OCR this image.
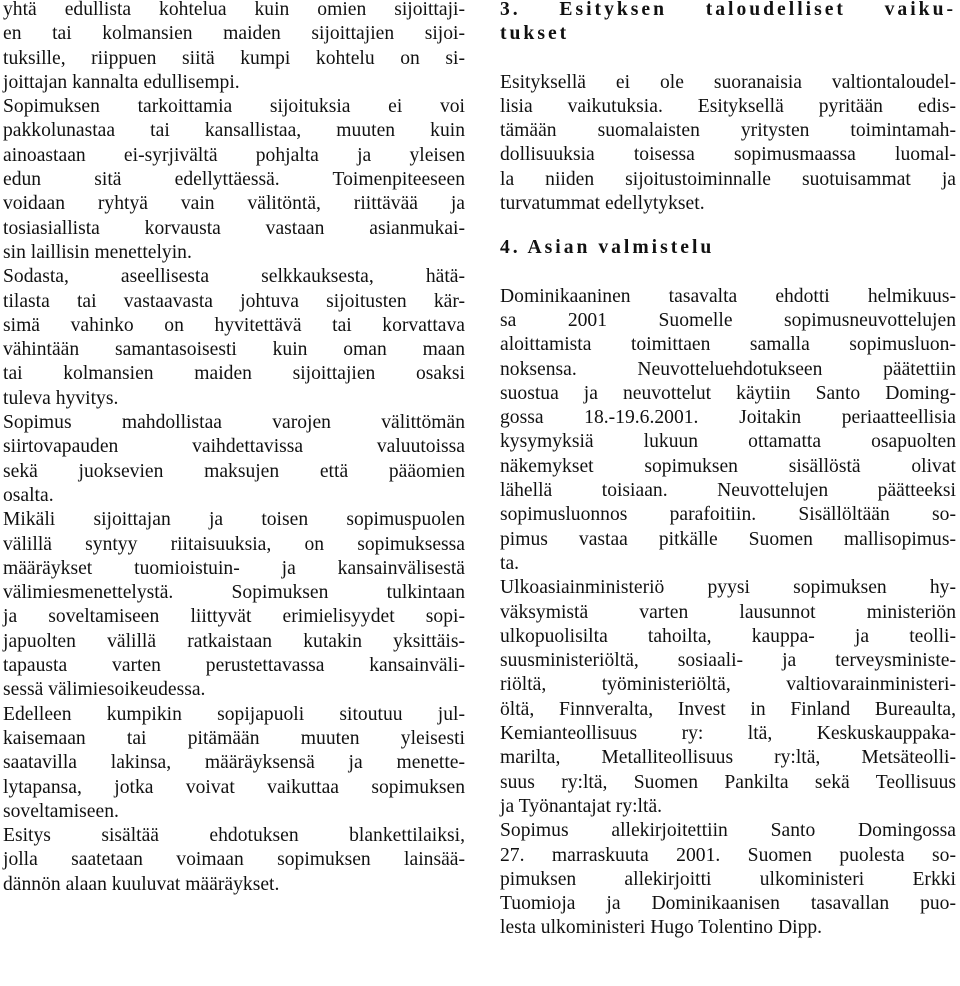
yhtä edullista kohtelua kuin omien sijoittaji-
en tai kolmansien maiden sijoittajien sijoi-
tuksille, riippuen siitä kumpi kohtelu on si-
joittajan kannalta edullisempi.
Sopimuksen tarkoittamia sijoituksia ei voi
pakkolunastaa tai kansallistaa, muuten kuin
ainoastaan ei-syrjivältä pohjalta ja yleisen
edun sitä edellyttäessä. Toimenpiteeseen
voidaan ryhtyä vain välitöntä, riittävää ja
tosiasiallista korvausta vastaan asianmukai-
sin laillisin menettelyin.
Sodasta, aseellisesta selkkauksesta, hätä-
tilasta tai vastaavasta johtuva sijoitusten kär-
simä vahinko on hyvitettävä tai korvattava
vähintään samantasoisesti kuin oman maan
tai kolmansien maiden sijoittajien osaksi
tuleva hyvitys.
Sopimus mahdollistaa varojen välittömän
siirtovapauden vaihdettavissa valuutoissa
sekä juoksevien maksujen että pääomien
osalta.
Mikäli sijoittajan ja toisen sopimuspuolen
välillä syntyy riitaisuuksia, on sopimuksessa
määräykset tuomioistuin- ja kansainvälisestä
välimiesmenettelystä. Sopimuksen tulkintaan
ja soveltamiseen liittyvät erimielisyydet sopi-
japuolten välillä ratkaistaan kutakin yksittäis-
tapausta varten perustettavassa kansainväli-
sessä välimiesoikeudessa.
Edelleen kumpikin sopijapuoli sitoutuu jul-
kaisemaan tai pitämään muuten yleisesti
saatavilla lakinsa, määräyksensä ja menette-
lytapansa, jotka voivat vaikuttaa sopimuksen
soveltamiseen.
Esitys sisältää ehdotuksen blankettilaiksi,
jolla saatetaan voimaan sopimuksen lainsää-
dännön alaan kuuluvat määräykset.
3. Esityksen taloudelliset vaiku-
tukset
Esityksellä ei ole suoranaisia valtiontaloudel-
lisia vaikutuksia. Esityksellä pyritään edis-
tämään suomalaisten yritysten toimintamah-
dollisuuksia toisessa sopimusmaassa luomal-
la niiden sijoitustoiminnalle suotuisammat ja
turvatummat edellytykset.
4. Asian valmistelu
Dominikaaninen tasavalta ehdotti helmikuus-
sa 2001 Suomelle sopimusneuvottelujen
aloittamista toimittaen samalla sopimusluon-
noksensa. Neuvotteluehdotukseen päätettiin
suostua ja neuvottelut käytiin Santo Doming-
gossa 18.-19.6.2001. Joitakin periaatteellisia
kysymyksiä lukuun ottamatta osapuolten
näkemykset sopimuksen sisällöstä olivat
lähellä toisiaan. Neuvottelujen päätteeksi
sopimusluonnos parafoitiin. Sisällöltään so-
pimus vastaa pitkälle Suomen mallisopimus-
ta.
Ulkoasiainministeriö pyysi sopimuksen hy-
väksymistä varten lausunnot ministeriön
ulkopuolisilta tahoilta, kauppa- ja teolli-
suusministeriöltä, sosiaali- ja terveysministe-
riöltä, työministeriöltä, valtiovarainministeri-
öltä, Finnveralta, Invest in Finland Bureaulta,
Kemianteollisuus ry: ltä, Keskuskauppaka-
marilta, Metalliteollisuus ry:ltä, Metsäteolli-
suus ry:ltä, Suomen Pankilta sekä Teollisuus
ja Työnantajat ry:ltä.
Sopimus allekirjoitettiin Santo Domingossa
27. marraskuuta 2001. Suomen puolesta so-
pimuksen allekirjoitti ulkoministeri Erkki
Tuomioja ja Dominikaanisen tasavallan puo-
lesta ulkoministeri Hugo Tolentino Dipp.
